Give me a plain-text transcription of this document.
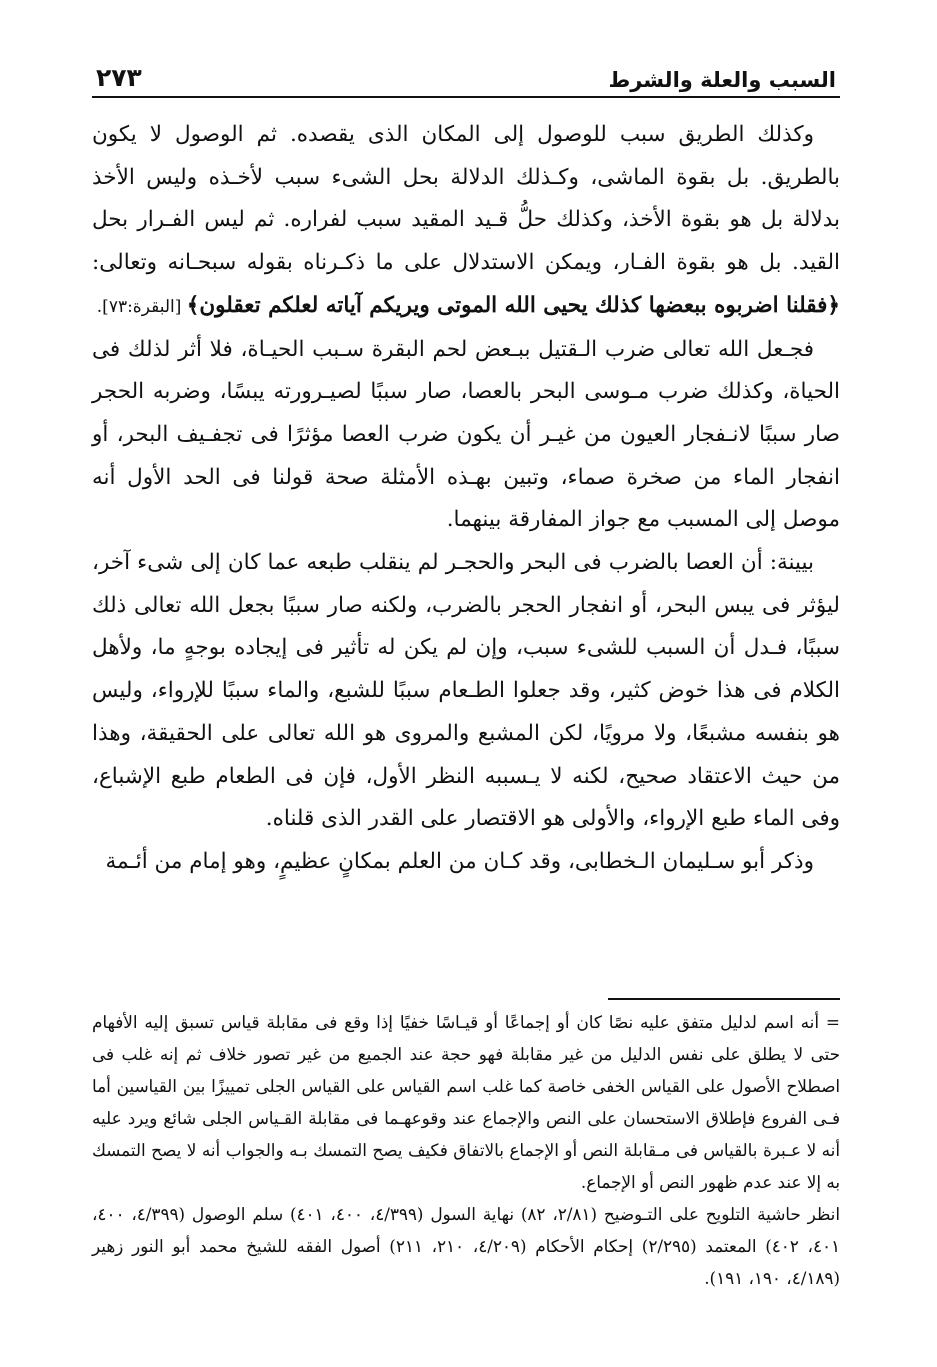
السبب والعلة والشرط
٢٧٣

وكذلك الطريق سبب للوصول إلى المكان الذى يقصده. ثم الوصول لا يكون بالطريق. بل بقوة الماشى، وكـذلك الدلالة بحل الشىء سبب لأخـذه وليس الأخذ بدلالة بل هو بقوة الأخذ، وكذلك حلُّ قـيد المقيد سبب لفراره. ثم ليس الفـرار بحل القيد. بل هو بقوة الفـار، ويمكن الاستدلال على ما ذكـرناه بقوله سبحـانه وتعالى: ﴿فقلنا اضربوه ببعضها كذلك يحيى الله الموتى ويريكم آياته لعلكم تعقلون﴾ [البقرة:٧٣].

فجـعل الله تعالى ضرب الـقتيل ببـعض لحم البقرة سـبب الحيـاة، فلا أثر لذلك فى الحياة، وكذلك ضرب مـوسى البحر بالعصا، صار سببًا لصيـرورته يبسًا، وضربه الحجر صار سببًا لانـفجار العيون من غيـر أن يكون ضرب العصا مؤثرًا فى تجفـيف البحر، أو انفجار الماء من صخرة صماء، وتبين بهـذه الأمثلة صحة قولنا فى الحد الأول أنه موصل إلى المسبب مع جواز المفارقة بينهما.

بيينة: أن العصا بالضرب فى البحر والحجـر لم ينقلب طبعه عما كان إلى شىء آخر، ليؤثر فى يبس البحر، أو انفجار الحجر بالضرب، ولكنه صار سببًا بجعل الله تعالى ذلك سببًا، فـدل أن السبب للشىء سبب، وإن لم يكن له تأثير فى إيجاده بوجهٍ ما، ولأهل الكلام فى هذا خوض كثير، وقد جعلوا الطـعام سببًا للشبع، والماء سببًا للإرواء، وليس هو بنفسه مشبعًا، ولا مرويًا، لكن المشبع والمروى هو الله تعالى على الحقيقة، وهذا من حيث الاعتقاد صحيح، لكنه لا يـسببه النظر الأول، فإن فى الطعام طبع الإشباع، وفى الماء طبع الإرواء، والأولى هو الاقتصار على القدر الذى قلناه.

وذكر أبو سـليمان الـخطابى، وقد كـان من العلم بمكانٍ عظيمٍ، وهو إمام من أئـمة

= أنه اسم لدليل متفق عليه نصًا كان أو إجماعًا أو قيـاسًا خفيًا إذا وقع فى مقابلة قياس تسبق إليه الأفهام حتى لا يطلق على نفس الدليل من غير مقابلة فهو حجة عند الجميع من غير تصور خلاف ثم إنه غلب فى اصطلاح الأصول على القياس الخفى خاصة كما غلب اسم القياس على القياس الجلى تمييزًا بين القياسين أما فـى الفروع فإطلاق الاستحسان على النص والإجماع عند وقوعهـما فى مقابلة القـياس الجلى شائع ويرد عليه أنه لا عـبرة بالقياس فى مـقابلة النص أو الإجماع بالاتفاق فكيف يصح التمسك بـه والجواب أنه لا يصح التمسك به إلا عند عدم ظهور النص أو الإجماع.

انظر حاشية التلويح على التـوضيح (٢/٨١، ٨٢) نهاية السول (٤/٣٩٩، ٤٠٠، ٤٠١) سلم الوصول (٤/٣٩٩، ٤٠٠، ٤٠١، ٤٠٢) المعتمد (٢/٢٩٥) إحكام الأحكام (٤/٢٠٩، ٢١٠، ٢١١) أصول الفقه للشيخ محمد أبو النور زهير (٤/١٨٩، ١٩٠، ١٩١).
